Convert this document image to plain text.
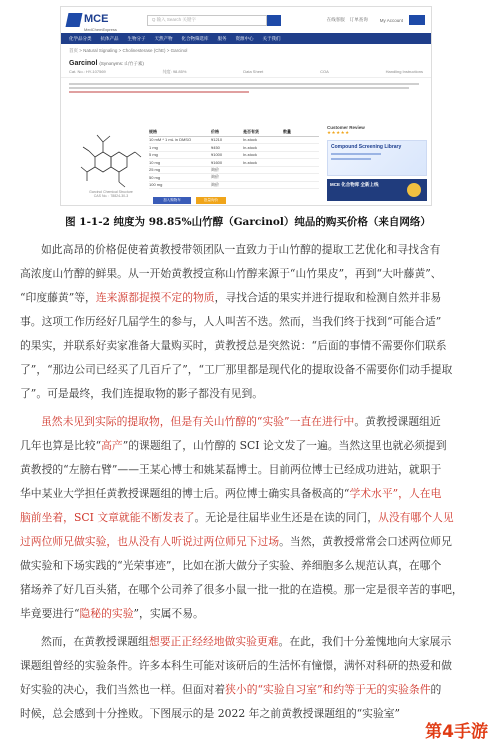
MCE
MedChemExpress
Q 输入 Search 关键字	在线客服 订单查询	My Account
化学品分类 抗体产品 生物分子 天然产物 化合物筛选库 服务 资源中心 关于我们
首页 > Natural Signaling > Cholinesterase (ChE) > Garcinol
Garcinol (Synonyms: 山竹子素)
Cat. No.: HY-107569	纯度: 98.85%	Data Sheet	COA	Handling Instructions
Garcinol Chemical Structure
CAS No. : 78824-30-3
规格	价格	是否有货	数量
10 mM * 1 mL in DMSO	¥1210	In-stock
1 mg	¥450	In-stock
5 mg	¥1000	In-stock
10 mg	¥1600	In-stock
25 mg	询价
50 mg	询价
100 mg	询价
加入购物车	批量询价
Customer Review
★★★★★
Compound Screening Library
MCE 化合物库 全新上线
图 1-1-2 纯度为 98.85%山竹醇（Garcinol）纯品的购买价格（来自网络）
如此高昂的价格促使着黄教授带领团队一直致力于山竹醇的提取工艺优化和寻找含有
高浓度山竹醇的鲜果。从一开始黄教授宣称山竹醇来源于“山竹果皮”，再到“大叶藤黄”、
“印度藤黄”等，连来源都捉摸不定的物质，寻找合适的果实并进行提取和检测自然并非易
事。这项工作历经好几届学生的参与，人人叫苦不迭。然而，当我们终于找到“可能合适”
的果实，并联系好卖家准备大量购买时，黄教授总是突然说：“后面的事情不需要你们联系
了”，“那边公司已经买了几百斤了”，“工厂那里都是现代化的提取设备不需要你们动手提取
了”。可是最终，我们连提取物的影子都没有见到。
虽然未见到实际的提取物，但是有关山竹醇的“实验”一直在进行中。黄教授课题组近
几年也算是比较“高产”的课题组了，山竹醇的 SCI 论文发了一遍。当然这里也就必须提到
黄教授的“左膀右臂”——王某心博士和姚某磊博士。目前两位博士已经成功进站，就职于
华中某业大学担任黄教授课题组的博士后。两位博士确实具备极高的“学术水平”，人在电
脑前坐着，SCI 文章就能不断发表了。无论是往届毕业生还是在读的同门，从没有哪个人见
过两位师兄做实验，也从没有人听说过两位师兄下过场。当然，黄教授常常会口述两位师兄
做实验和下场实践的“光荣事迹”，比如在浙大做分子实验、养细胞多么规范认真，在哪个
猪场养了好几百头猪，在哪个公司养了很多小鼠一批一批的在造模。那一定是很辛苦的事吧，
毕竟要进行“隐秘的实验”，实属不易。
然而，在黄教授课题组想要正正经经地做实验更难。在此，我们十分羞愧地向大家展示
课题组曾经的实验条件。许多本科生可能对该研后的生活怀有憧憬，满怀对科研的热爱和做
好实验的决心，我们当然也一样。但面对着狭小的“实验自习室”和约等于无的实验条件的
时候，总会感到十分挫败。下图展示的是 2022 年之前黄教授课题组的“实验室”
第4手游
